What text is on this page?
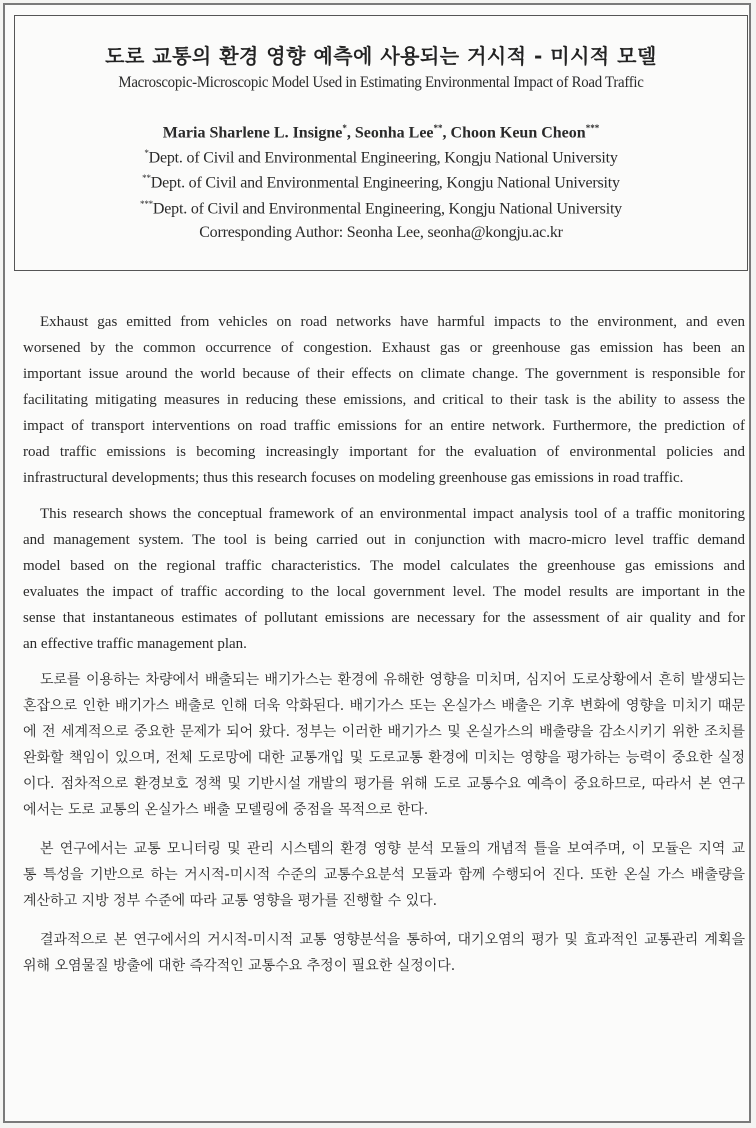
도로 교통의 환경 영향 예측에 사용되는 거시적 - 미시적 모델
Macroscopic-Microscopic Model Used in Estimating Environmental Impact of Road Traffic
Maria Sharlene L. Insigne*, Seonha Lee**, Choon Keun Cheon***
*Dept. of Civil and Environmental Engineering, Kongju National University
**Dept. of Civil and Environmental Engineering, Kongju National University
***Dept. of Civil and Environmental Engineering, Kongju National University
Corresponding Author: Seonha Lee, seonha@kongju.ac.kr
Exhaust gas emitted from vehicles on road networks have harmful impacts to the environment, and even
worsened by the common occurrence of congestion. Exhaust gas or greenhouse gas emission has been an
important issue around the world because of their effects on climate change. The government is responsible for
facilitating mitigating measures in reducing these emissions, and critical to their task is the ability to assess the
impact of transport interventions on road traffic emissions for an entire network. Furthermore, the prediction of
road traffic emissions is becoming increasingly important for the evaluation of environmental policies and
infrastructural developments; thus this research focuses on modeling greenhouse gas emissions in road traffic.
This research shows the conceptual framework of an environmental impact analysis tool of a traffic monitoring
and management system. The tool is being carried out in conjunction with macro-micro level traffic demand
model based on the regional traffic characteristics. The model calculates the greenhouse gas emissions and
evaluates the impact of traffic according to the local government level. The model results are important in the
sense that instantaneous estimates of pollutant emissions are necessary for the assessment of air quality and for
an effective traffic management plan.
도로를 이용하는 차량에서 배출되는 배기가스는 환경에 유해한 영향을 미치며, 심지어 도로상황에서 흔히 발생되는
혼잡으로 인한 배기가스 배출로 인해 더욱 악화된다. 배기가스 또는 온실가스 배출은 기후 변화에 영향을 미치기 때문
에 전 세계적으로 중요한 문제가 되어 왔다. 정부는 이러한 배기가스 및 온실가스의 배출량을 감소시키기 위한 조치를
완화할 책임이 있으며, 전체 도로망에 대한 교통개입 및 도로교통 환경에 미치는 영향을 평가하는 능력이 중요한 실정
이다. 점차적으로 환경보호 정책 및 기반시설 개발의 평가를 위해 도로 교통수요 예측이 중요하므로, 따라서 본 연구
에서는 도로 교통의 온실가스 배출 모델링에 중점을 목적으로 한다.
본 연구에서는 교통 모니터링 및 관리 시스템의 환경 영향 분석 모듈의 개념적 틀을 보여주며, 이 모듈은 지역 교
통 특성을 기반으로 하는 거시적-미시적 수준의 교통수요분석 모듈과 함께 수행되어 진다. 또한 온실 가스 배출량을
계산하고 지방 정부 수준에 따라 교통 영향을 평가를 진행할 수 있다.
결과적으로 본 연구에서의 거시적-미시적 교통 영향분석을 통하여, 대기오염의 평가 및 효과적인 교통관리 계획을
위해 오염물질 방출에 대한 즉각적인 교통수요 추정이 필요한 실정이다.
